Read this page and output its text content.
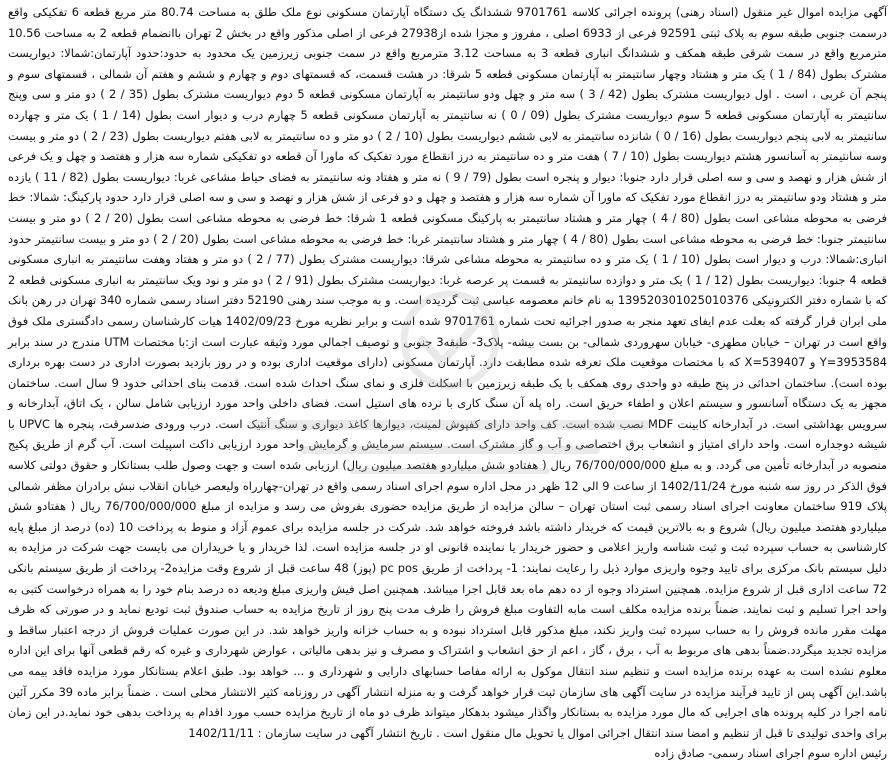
آگهی مزایده اموال غیر منقول (اسناد رهنی) پرونده اجرائی کلاسه 9701761 ششدانگ یک دستگاه آپارتمان مسکونی نوع ملک طلق به مساحت 80.74 متر مربع قطعه 6 تفکیکی واقع درسمت جنوبی طبقه سوم به پلاک ثبتی 92591 فرعی از 6933 اصلی ، مفروز و مجزا شده از27938 فرعی از اصلی مذکور واقع در بخش 2 تهران باانضمام قطعه 2 به مساحت 10.56 مترمربع واقع در سمت شرقی طبقه همکف و ششدانگ انباری قطعه 3 به مساحت 3.12 مترمربع واقع در سمت جنوبی زیرزمین یک محدود به حدود:حدود آپارتمان:شمالا: دیواریست مشترک بطول (84 / 1 ) یک متر و هشتاد وچهار سانتیمتر به آپارتمان مسکونی قطعه 5 شرقا: در هشت قسمت، که قسمتهای دوم و چهارم و ششم و هفتم آن شمالی ، قسمتهای سوم و پنجم آن غربی ، است . اول دیواریست مشترک بطول (42 / 3 ) سه متر و چهل ودو سانتیمتر به آپارتمان مسکونی قطعه 5 دوم دیواریست مشترک بطول (35 / 2 ) دو متر و سی وپنج سانتیمتر به آپارتمان مسکونی قطعه 5 سوم دیواریست مشترک بطول (09 / 0 ) نه سانتیمتر به آپارتمان مسکونی قطعه 5 چهارم درب و دیوار است بطول (14 / 1 ) یک متر و چهارده سانتیمتر به لابی پنجم دیواریست بطول (16 / 0 ) شانزده سانتیمتر به لابی ششم دیواریست بطول (10 / 2 ) دو متر و ده سانتیمتر به لابی هفتم دیواریست بطول (23 / 2 ) دو متر و بیست وسه سانتیمتر به آسانسور هشتم دیواریست بطول (10 / 7 ) هفت متر و ده سانتیمتر به درز انقطاع مورد تفکیک که ماورا آن قطعه دو تفکیکی شماره سه هزار و هفتصد و چهل و یک فرعی از شش هزار و نهصد و سی و سه اصلی قرار دارد جنوبا: دیوار و پنجره است بطول (79 / 9 ) نه متر و هفتاد ونه سانتیمتر به فضای حیاط مشاعی غربا: دیواریست بطول (82 / 11 ) یازده متر و هشتاد ودو سانتیمتر به درز انقطاع مورد تفکیک که ماورا آن شماره سه هزار و هفتصد و چهل و دو فرعی از شش هزار و نهصد و سی و سه اصلی قرار دارد حدود پارکینگ: شمالا: خط فرضی به محوطه مشاعی است بطول (80 / 4 ) چهار متر و هشتاد سانتیمتر به پارکینگ مسکونی قطعه 1 شرقا: خط فرضی به محوطه مشاعی است بطول (20 / 2 ) دو متر و بیست سانتیمتر جنوبا: خط فرضی به محوطه مشاعی است بطول (80 / 4 ) چهار متر و هشتاد سانتیمتر غربا: خط فرضی به محوطه مشاعی است بطول (20 / 2 ) دو متر و بیست سانتیمتر حدود انباری:شمالا: درب و دیوار است بطول (10 / 1 ) یک متر و ده سانتیمتر به محوطه مشاعی شرقا: دیواریست مشترک بطول (77 / 2 ) دو متر و هفتاد وهفت سانتیمتر به انباری مسکونی قطعه 4 جنوبا: دیواریست بطول (12 / 1 ) یک متر و دوازده سانتیمتر به قسمت پر عرصه غربا: دیواریست مشترک بطول (91 / 2 ) دو متر و نود ویک سانتیمتر به انباری مسکونی قطعه 2 که با شماره دفتر الکترونیکی 139520301025010376 به نام خانم معصومه عباسی ثبت گردیده است. و به موجب سند رهنی 52190 دفتر اسناد رسمی شماره 340 تهران در رهن بانک ملی ایران قرار گرفته که بعلت عدم ایفای تعهد منجر به صدور اجرائیه تحت شماره 9701761 شده است و برابر نظریه مورخ 1402/09/23 هیات کارشناسان رسمی دادگستری ملک فوق واقع است در تهران – خیابان مطهری- خیابان سهروردی شمالی- بن بست بیشه- پلاک3- طبقه3 جنوبی و توصیف اجمالی مورد وثیقه عبارت است از:با مختصات UTM مندرج در سند برابر Y=3953584 و X=539407 که با مختصات موقعیت ملک تعرفه شده مطابقت دارد. آپارتمان مسکونی (دارای موقعیت اداری بوده و در روز بازدید بصورت اداری در دست بهره برداری بوده است). ساختمان احداثی در پنج طبقه دو واحدی روی همکف با یک طبقه زیرزمین با اسکلت فلزی و نمای سنگ احداث شده است. قدمت بنای احداثی حدود 9 سال است. ساختمان مجهز به یک دستگاه آسانسور و سیستم اعلان و اطفاء حریق است. راه پله آن سنگ کاری با نرده های استیل است. فضای داخلی واحد مورد ارزیابی شامل سالن ، یک اتاق، آبدارخانه و سرویس بهداشتی است. در آبدارخانه کابینت MDF نصب شده است. کف واحد دارای کفپوش لمینت، دیوارها کاغذ دیواری و سنگ آنتیک است. درب ورودی ضدسرقت، پنجره ها UPVC با شیشه دوجداره است. واحد دارای امتیاز و انشعاب برق اختصاصی و آب و گاز مشترک است. سیستم سرمایش و گرمایش واحد مورد ارزیابی داکت اسپیلت است. آب گرم از طریق پکیج منصوبه در آبدارخانه تأمین می گردد. و به مبلغ 76/700/000/000 ریال ( هفتادو شش میلیاردو هفتصد میلیون ریال) ارزیابی شده است و جهت وصول طلب بستانکار و حقوق دولتی کلاسه فوق الذکر در روز سه شنبه مورخ 1402/11/24 از ساعت 9 الی 12 ظهر در محل اداره سوم اجرای اسناد رسمی واقع در تهران-چهارراه ولیعصر خیابان انقلاب نبش برادران مظفر شمالی پلاک 919 ساختمان معاونت اجرای اسناد رسمی ثبت استان تهران – سالن مزایده از طریق مزایده حضوری بفروش می رسد و مزایده از مبلغ 76/700/000/000 ریال ( هفتادو شش میلیاردو هفتصد میلیون ریال) شروع و به بالاترین قیمت که خریدار داشته باشد فروخته خواهد شد. شرکت در جلسه مزایده برای عموم آزاد و منوط به پرداخت 10 (ده) درصد از مبلغ پایه کارشناسی به حساب سپرده ثبت و ثبت شناسه واریز اعلامی و حضور خریدار یا نماینده قانونی او در جلسه مزایده است. لذا خریدار و یا خریداران می بایست جهت شرکت در مزایده به دلیل سیستم بانک مرکزی برای تایید وجوه واریزی موارد ذیل را رعایت نمایند: 1- پرداخت از طریق pc pos (پوز) 48 ساعت قبل از شروع وقت مزایده2- پرداخت از طریق سیستم بانکی 72 ساعت اداری قبل از شروع مزایده. همچنین استرداد وجوه از ده دهم ماه بعد قابل اجرا میباشد. همچنین اصل فیش واریزی مبلغ ودیعه ده درصد بنام خود را به همراه درخواست کتبی به واحد اجرا تسلیم و ثبت نمایند. ضمناً برنده مزایده مکلف است مابه التفاوت مبلغ فروش را ظرف مدت پنج روز از تاریخ مزایده به حساب صندوق ثبت تودیع نماید و در صورتی که ظرف مهلت مقرر مانده فروش را به حساب سپرده ثبت واریز نکند، مبلغ مذکور قابل استرداد نبوده و به حساب خزانه واریز خواهد شد. در این صورت عملیات فروش از درجه اعتبار ساقط و مزایده تجدید میگردد.ضمناً بدهی های مربوط به آب ، برق ، گاز ، اعم از حق انشعاب و اشتراک و مصرف و نیز بدهی مالیاتی ، عوارض شهرداری و غیره که رقم قطعی آنها برای این اداره معلوم نشده است به عهده برنده مزایده است و تنظیم سند انتقال موکول به ارائه مفاصا حسابهای دارایی و شهرداری و ... خواهد بود. طبق اعلام بستانکار مورد مزایده فاقد بیمه می باشد.این آگهی پس از تایید فرآیند مزایده در سایت آگهی های سازمان ثبت قرار خواهد گرفت و به منزله انتشار آگهی در روزنامه کثیر الانتشار محلی است . ضمناً برابر ماده 39 مکرر آئین نامه اجرا در کلیه پرونده های اجرایی که مال مورد مزایده به بستانکار واگذار میشود بدهکار میتواند ظرف دو ماه از تاریخ مزایده حسب مورد اقدام به پرداخت بدهی خود نماید.در این زمان برای واحدی تولیدی تا قبل از تنظیم و امضا سند انتقال اجرائی اموال یا تحویل مال منقول است . تاریخ انتشار آگهی در سایت سازمان : 1402/11/11

رئیس اداره سوم اجرای اسناد رسمی- صادق زاده
